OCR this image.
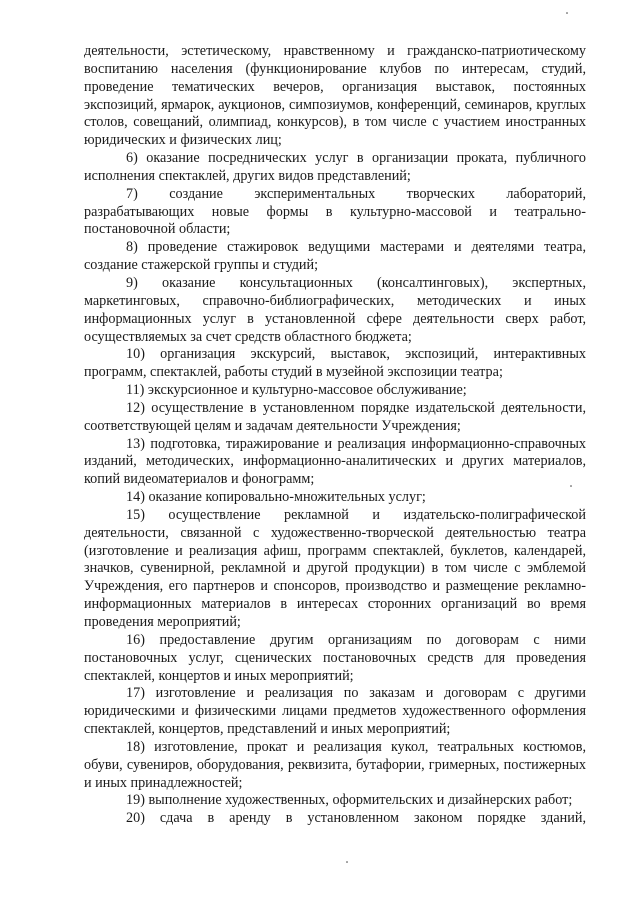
деятельности, эстетическому, нравственному и гражданско-патриотическому воспитанию населения (функционирование клубов по интересам, студий, проведение тематических вечеров, организация выставок, постоянных экспозиций, ярмарок, аукционов, симпозиумов, конференций, семинаров, круглых столов, совещаний, олимпиад, конкурсов), в том числе с участием иностранных юридических и физических лиц;

6) оказание посреднических услуг в организации проката, публичного исполнения спектаклей, других видов представлений;

7) создание экспериментальных творческих лабораторий, разрабатывающих новые формы в культурно-массовой и театрально-постановочной области;

8) проведение стажировок ведущими мастерами и деятелями театра, создание стажерской группы и студий;

9) оказание консультационных (консалтинговых), экспертных, маркетинговых, справочно-библиографических, методических и иных информационных услуг в установленной сфере деятельности сверх работ, осуществляемых за счет средств областного бюджета;

10) организация экскурсий, выставок, экспозиций, интерактивных программ, спектаклей, работы студий в музейной экспозиции театра;

11) экскурсионное и культурно-массовое обслуживание;

12) осуществление в установленном порядке издательской деятельности, соответствующей целям и задачам деятельности Учреждения;

13) подготовка, тиражирование и реализация информационно-справочных изданий, методических, информационно-аналитических и других материалов, копий видеоматериалов и фонограмм;

14) оказание копировально-множительных услуг;

15) осуществление рекламной и издательско-полиграфической деятельности, связанной с художественно-творческой деятельностью театра (изготовление и реализация афиш, программ спектаклей, буклетов, календарей, значков, сувенирной, рекламной и другой продукции) в том числе с эмблемой Учреждения, его партнеров и спонсоров, производство и размещение рекламно-информационных материалов в интересах сторонних организаций во время проведения мероприятий;

16) предоставление другим организациям по договорам с ними постановочных услуг, сценических постановочных средств для проведения спектаклей, концертов и иных мероприятий;

17) изготовление и реализация по заказам и договорам с другими юридическими и физическими лицами предметов художественного оформления спектаклей, концертов, представлений и иных мероприятий;

18) изготовление, прокат и реализация кукол, театральных костюмов, обуви, сувениров, оборудования, реквизита, бутафории, гримерных, постижерных и иных принадлежностей;

19) выполнение художественных, оформительских и дизайнерских работ;

20) сдача в аренду в установленном законом порядке зданий,
